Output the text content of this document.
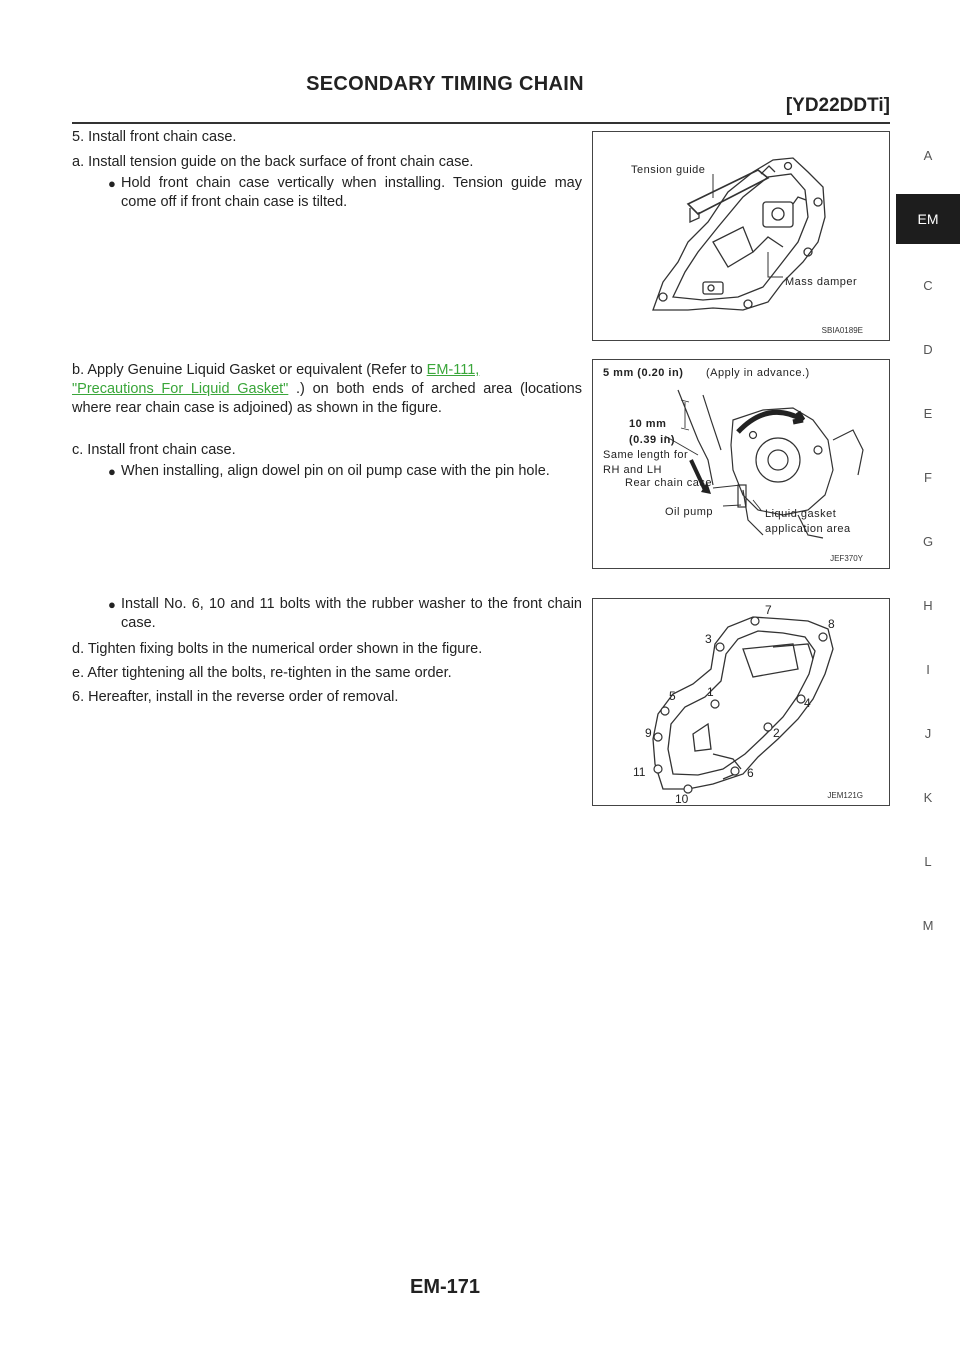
SECONDARY TIMING CHAIN
[YD22DDTi]

5. Install front chain case.

a. Install tension guide on the back surface of front chain case.

● Hold front chain case vertically when installing. Tension guide may come off if front chain case is tilted.

b. Apply Genuine Liquid Gasket or equivalent (Refer to EM-111,
"Precautions For Liquid Gasket" .) on both ends of arched area (locations where rear chain case is adjoined) as shown in the figure.

c. Install front chain case.

● When installing, align dowel pin on oil pump case with the pin hole.

● Install No. 6, 10 and 11 bolts with the rubber washer to the front chain case.

d. Tighten fixing bolts in the numerical order shown in the figure.

e. After tightening all the bolts, re-tighten in the same order.

6. Hereafter, install in the reverse order of removal.

Tension guide
Mass damper
SBIA0189E
5 mm (0.20 in) (Apply in advance.)
10 mm
(0.39 in)
Same length for
RH and LH
Rear chain case
Oil pump	Liquid gasket
application area
JEF370Y
1
2
3
4
5
6
7
8
9
10
11
JEM121G
A
EM
C
D
E
F
G
H
I
J
K
L
M
EM-171
